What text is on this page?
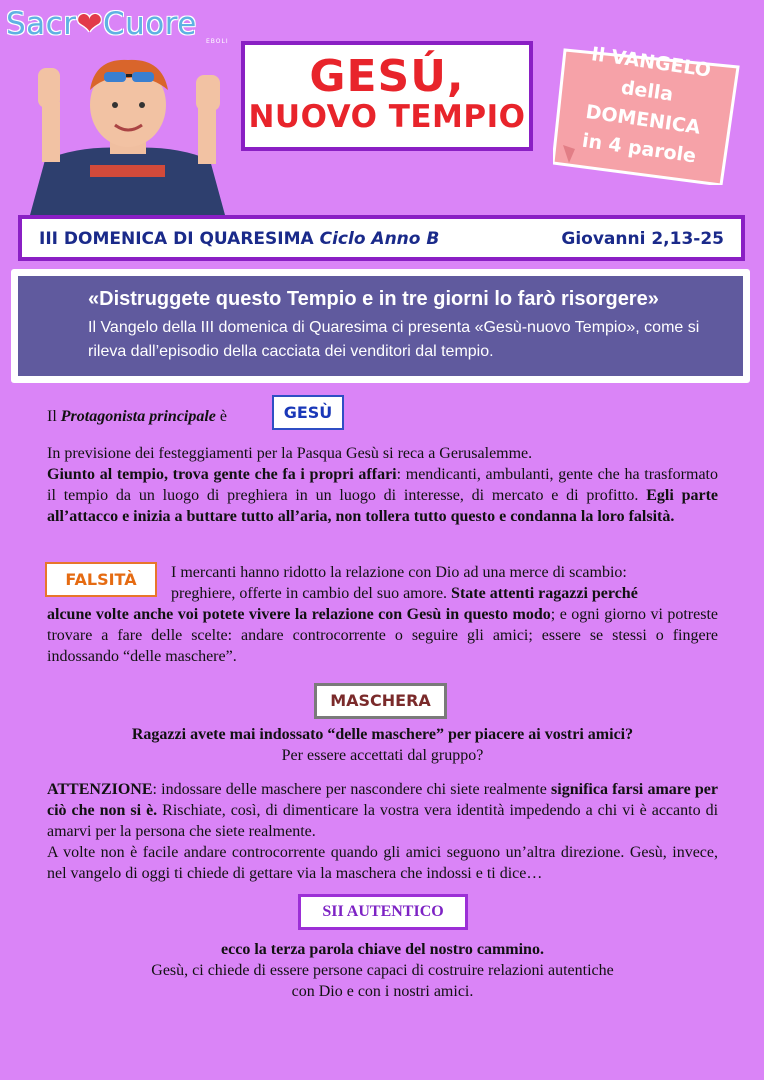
Sacr❤Cuore EBOLI
GESÚ,
NUOVO TEMPIO
Il VANGELO
della
DOMENICA
in 4 parole
III DOMENICA DI QUARESIMA Ciclo Anno B	Giovanni 2,13-25
«Distruggete questo Tempio e in tre giorni lo farò risorgere»
Il Vangelo della III domenica di Quaresima ci presenta «Gesù-nuovo Tempio», come si rileva dall’episodio della cacciata dei venditori dal tempio.
Il Protagonista principale è	GESÙ
In previsione dei festeggiamenti per la Pasqua Gesù si reca a Gerusalemme.
Giunto al tempio, trova gente che fa i propri affari: mendicanti, ambulanti, gente che ha trasformato il tempio da un luogo di preghiera in un luogo di interesse, di mercato e di profitto. Egli parte all’attacco e inizia a buttare tutto all’aria, non tollera tutto questo e condanna la loro falsità.
FALSITÀ	I mercanti hanno ridotto la relazione con Dio ad una merce di scambio:
preghiere, offerte in cambio del suo amore. State attenti ragazzi perché
alcune volte anche voi potete vivere la relazione con Gesù in questo modo; e ogni giorno vi potreste trovare a fare delle scelte: andare controcorrente o seguire gli amici; essere se stessi o fingere indossando “delle maschere”.
MASCHERA
Ragazzi avete mai indossato “delle maschere” per piacere ai vostri amici?
Per essere accettati dal gruppo?
ATTENZIONE: indossare delle maschere per nascondere chi siete realmente significa farsi amare per ciò che non si è. Rischiate, così, di dimenticare la vostra vera identità impedendo a chi vi è accanto di amarvi per la persona che siete realmente.
A volte non è facile andare controcorrente quando gli amici seguono un’altra direzione. Gesù, invece, nel vangelo di oggi ti chiede di gettare via la maschera che indossi e ti dice…
SII AUTENTICO
ecco la terza parola chiave del nostro cammino.
Gesù, ci chiede di essere persone capaci di costruire relazioni autentiche
con Dio e con i nostri amici.
